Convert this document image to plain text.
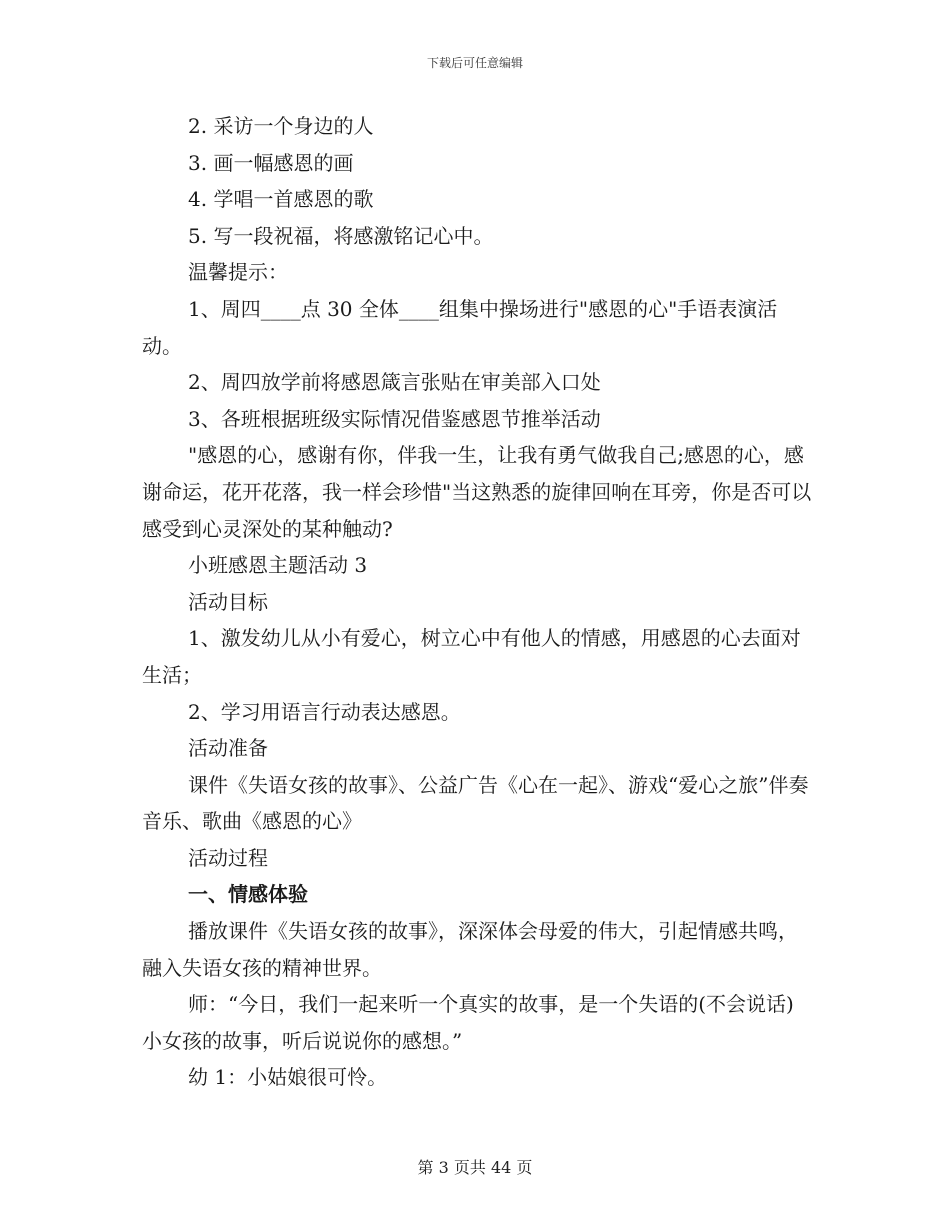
下载后可任意编辑

2. 采访一个身边的人

3. 画一幅感恩的画

4. 学唱一首感恩的歌

5. 写一段祝福，将感激铭记心中。

温馨提示：

1、周四____点 30 全体____组集中操场进行"感恩的心"手语表演活动。

2、周四放学前将感恩箴言张贴在审美部入口处

3、各班根据班级实际情况借鉴感恩节推举活动

"感恩的心，感谢有你，伴我一生，让我有勇气做我自己;感恩的心，感谢命运，花开花落，我一样会珍惜"当这熟悉的旋律回响在耳旁，你是否可以感受到心灵深处的某种触动?

小班感恩主题活动 3

活动目标

1、激发幼儿从小有爱心，树立心中有他人的情感，用感恩的心去面对生活；

2、学习用语言行动表达感恩。

活动准备

课件《失语女孩的故事》、公益广告《心在一起》、游戏“爱心之旅”伴奏音乐、歌曲《感恩的心》

活动过程

一、情感体验

播放课件《失语女孩的故事》，深深体会母爱的伟大，引起情感共鸣，融入失语女孩的精神世界。

师：“今日，我们一起来听一个真实的故事，是一个失语的(不会说话)小女孩的故事，听后说说你的感想。”

幼 1：小姑娘很可怜。

第 3 页共 44 页
